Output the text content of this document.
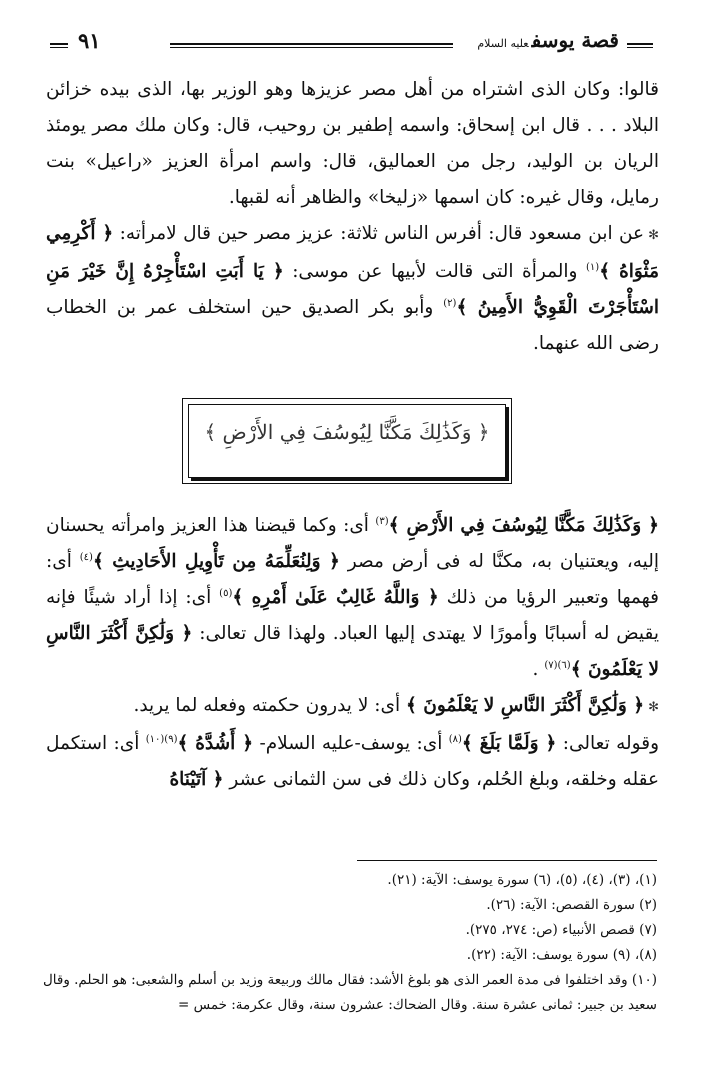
قصة يوسفعليه السلام
٩١

قالوا: وكان الذى اشتراه من أهل مصر عزيزها وهو الوزير بها، الذى بيده خزائن البلاد . . . قال ابن إسحاق: واسمه إطفير بن روحيب، قال: وكان ملك مصر يومئذ الريان بن الوليد، رجل من العماليق، قال: واسم امرأة العزيز «راعيل» بنت رمايل، وقال غيره: كان اسمها «زليخا» والظاهر أنه لقبها.

✻عن ابن مسعود قال: أفرس الناس ثلاثة: عزيز مصر حين قال لامرأته: ﴿ أَكْرِمِي مَثْوَاهُ ﴾$^{(١)}$ والمرأة التى قالت لأبيها عن موسى: ﴿ يَا أَبَتِ اسْتَأْجِرْهُ إِنَّ خَيْرَ مَنِ اسْتَأْجَرْتَ الْقَوِيُّ الأَمِينُ ﴾$^{(٢)}$ وأبو بكر الصديق حين استخلف عمر بن الخطاب رضى الله عنهما.

﴿ وَكَذَٰلِكَ مَكَّنَّا لِيُوسُفَ فِي الأَرْضِ ﴾

﴿ وَكَذَٰلِكَ مَكَّنَّا لِيُوسُفَ فِي الأَرْضِ ﴾$^{(٣)}$ أى: وكما قيضنا هذا العزيز وامرأته يحسنان إليه، ويعتنيان به، مكنَّا له فى أرض مصر ﴿ وَلِنُعَلِّمَهُ مِن تَأْوِيلِ الأَحَادِيثِ ﴾$^{(٤)}$ أى: فهمها وتعبير الرؤيا من ذلك ﴿ وَاللَّهُ غَالِبٌ عَلَىٰ أَمْرِهِ ﴾$^{(٥)}$ أى: إذا أراد شيئًا فإنه يقيض له أسبابًا وأمورًا لا يهتدى إليها العباد. ولهذا قال تعالى: ﴿ وَلَٰكِنَّ أَكْثَرَ النَّاسِ لا يَعْلَمُونَ ﴾$^{(٦)(٧)}$ .

✻﴿ وَلَٰكِنَّ أَكْثَرَ النَّاسِ لا يَعْلَمُونَ ﴾ أى: لا يدرون حكمته وفعله لما يريد.

وقوله تعالى: ﴿ وَلَمَّا بَلَغَ ﴾$^{(٨)}$ أى: يوسف-عليه السلام- ﴿ أَشُدَّهُ ﴾$^{(٩)(١٠)}$ أى: استكمل عقله وخلقه، وبلغ الحُلم، وكان ذلك فى سن الثمانى عشر ﴿ آتَيْنَاهُ

(١)، (٣)، (٤)، (٥)، (٦) سورة يوسف: الآية: (٢١).

(٢) سورة القصص: الآية: (٢٦).

(٧) قصص الأنبياء (ص: ٢٧٤، ٢٧٥).

(٨)، (٩) سورة يوسف: الآية: (٢٢).

(١٠) وقد اختلفوا فى مدة العمر الذى هو بلوغ الأشد: فقال مالك وربيعة وزيد بن أسلم والشعبى: هو الحلم. وقال سعيد بن جبير: ثمانى عشرة سنة. وقال الضحاك: عشرون سنة، وقال عكرمة: خمس =
